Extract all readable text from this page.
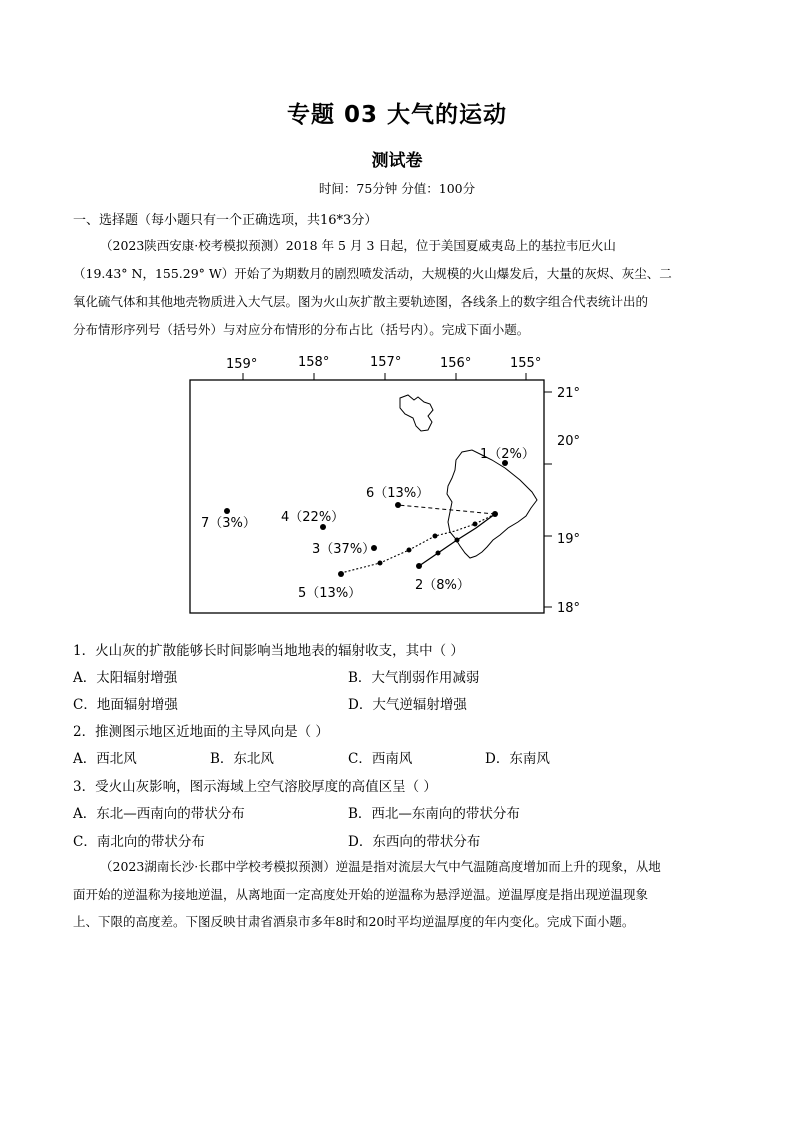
专题 03 大气的运动
测试卷
时间：75分钟 分值：100分
一、选择题（每小题只有一个正确选项，共16*3分）
（2023陕西安康·校考模拟预测）2018 年 5 月 3 日起，位于美国夏威夷岛上的基拉韦厄火山
（19.43° N，155.29° W）开始了为期数月的剧烈喷发活动，大规模的火山爆发后，大量的灰烬、灰尘、二
氧化硫气体和其他地壳物质进入大气层。图为火山灰扩散主要轨迹图，各线条上的数字组合代表统计出的
分布情形序列号（括号外）与对应分布情形的分布占比（括号内）。完成下面小题。
159°	158°	157°	156°	155°
21°
20°
19°
18°
1（2%）
6（13%）
7（3%） 4（22%）
3（37%）
5（13%）
2（8%）
1．火山灰的扩散能够长时间影响当地地表的辐射收支，其中（ ）
A．太阳辐射增强	B．大气削弱作用减弱
C．地面辐射增强	D．大气逆辐射增强
2．推测图示地区近地面的主导风向是（ ）
A．西北风	B．东北风	C．西南风	D．东南风
3．受火山灰影响，图示海域上空气溶胶厚度的高值区呈（ ）
A．东北—西南向的带状分布	B．西北—东南向的带状分布
C．南北向的带状分布	D．东西向的带状分布
（2023湖南长沙·长郡中学校考模拟预测）逆温是指对流层大气中气温随高度增加而上升的现象，从地
面开始的逆温称为接地逆温，从离地面一定高度处开始的逆温称为悬浮逆温。逆温厚度是指出现逆温现象
上、下限的高度差。下图反映甘肃省酒泉市多年8时和20时平均逆温厚度的年内变化。完成下面小题。
